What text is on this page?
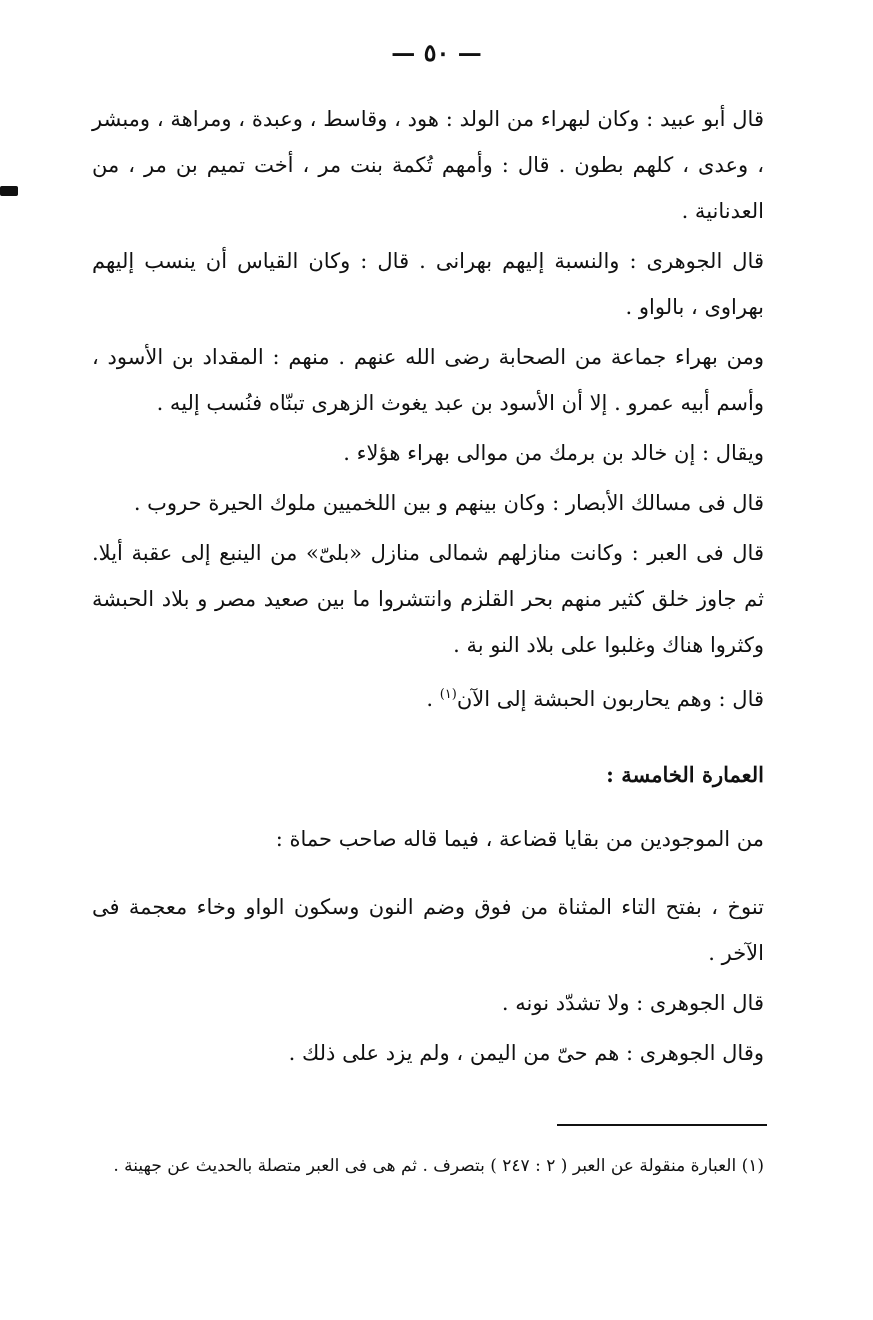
— ٥٠ —

قال أبو عبيد : وكان لبهراء من الولد : هود ، وقاسط ، وعبدة ، ومراهة ، ومبشر ، وعدى ، كلهم بطون . قال : وأمهم تُكمة بنت مر ، أخت تميم بن مر ، من العدنانية .

قال الجوهرى : والنسبة إليهم بهرانى . قال : وكان القياس أن ينسب إليهم بهراوى ، بالواو .

ومن بهراء جماعة من الصحابة رضى الله عنهم . منهم : المقداد بن الأسود ، وأسم أبيه عمرو . إلا أن الأسود بن عبد يغوث الزهرى تبنّاه فنُسب إليه .

ويقال : إن خالد بن برمك من موالى بهراء هؤلاء .

قال فى مسالك الأبصار : وكان بينهم و بين اللخميين ملوك الحيرة حروب .

قال فى العبر : وكانت منازلهم شمالى منازل «بلىّ» من الينبع إلى عقبة أيلا. ثم جاوز خلق كثير منهم بحر القلزم وانتشروا ما بين صعيد مصر و بلاد الحبشة وكثروا هناك وغلبوا على بلاد النو بة .

قال : وهم يحاربون الحبشة إلى الآن$^{(١)}$ .

العمارة الخامسة :

من الموجودين من بقايا قضاعة ، فيما قاله صاحب حماة :

تنوخ ، بفتح التاء المثناة من فوق وضم النون وسكون الواو وخاء معجمة فى الآخر .

قال الجوهرى : ولا تشدّد نونه .

وقال الجوهرى : هم حىّ من اليمن ، ولم يزد على ذلك .

(١) العبارة منقولة عن العبر ( ٢ : ٢٤٧ ) بتصرف . ثم هى فى العبر متصلة بالحديث عن جهينة .
